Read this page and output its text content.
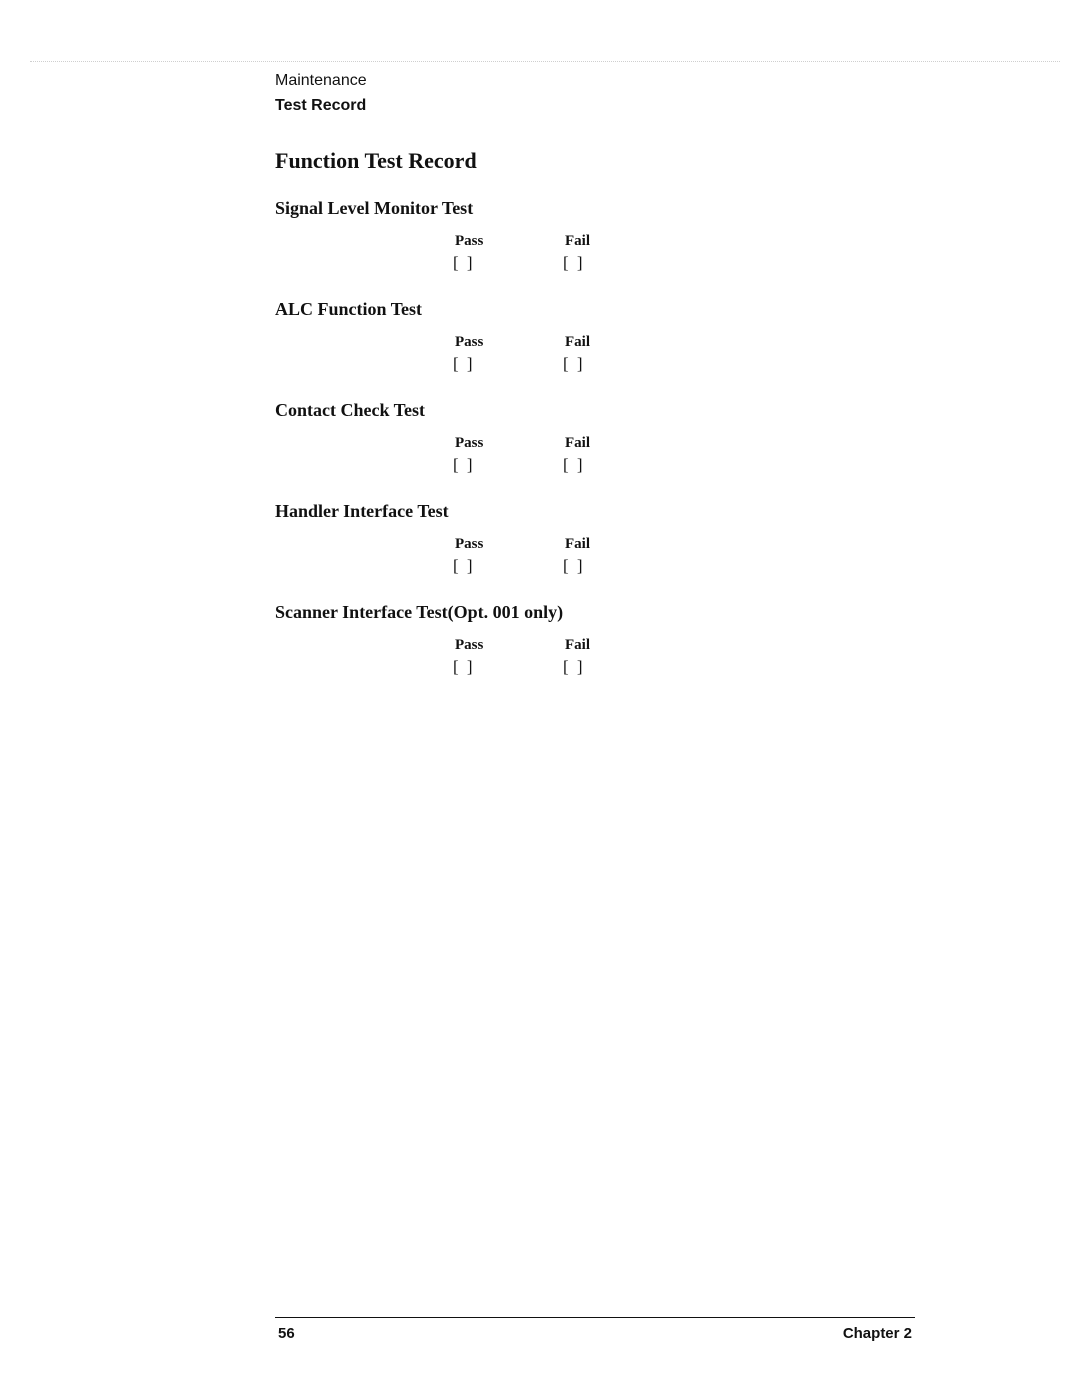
Maintenance
Test Record
Function Test Record
Signal Level Monitor Test
Pass	Fail
[ ]	[ ]
ALC Function Test
Pass	Fail
[ ]	[ ]
Contact Check Test
Pass	Fail
[ ]	[ ]
Handler Interface Test
Pass	Fail
[ ]	[ ]
Scanner Interface Test(Opt. 001 only)
Pass	Fail
[ ]	[ ]
56	Chapter 2
